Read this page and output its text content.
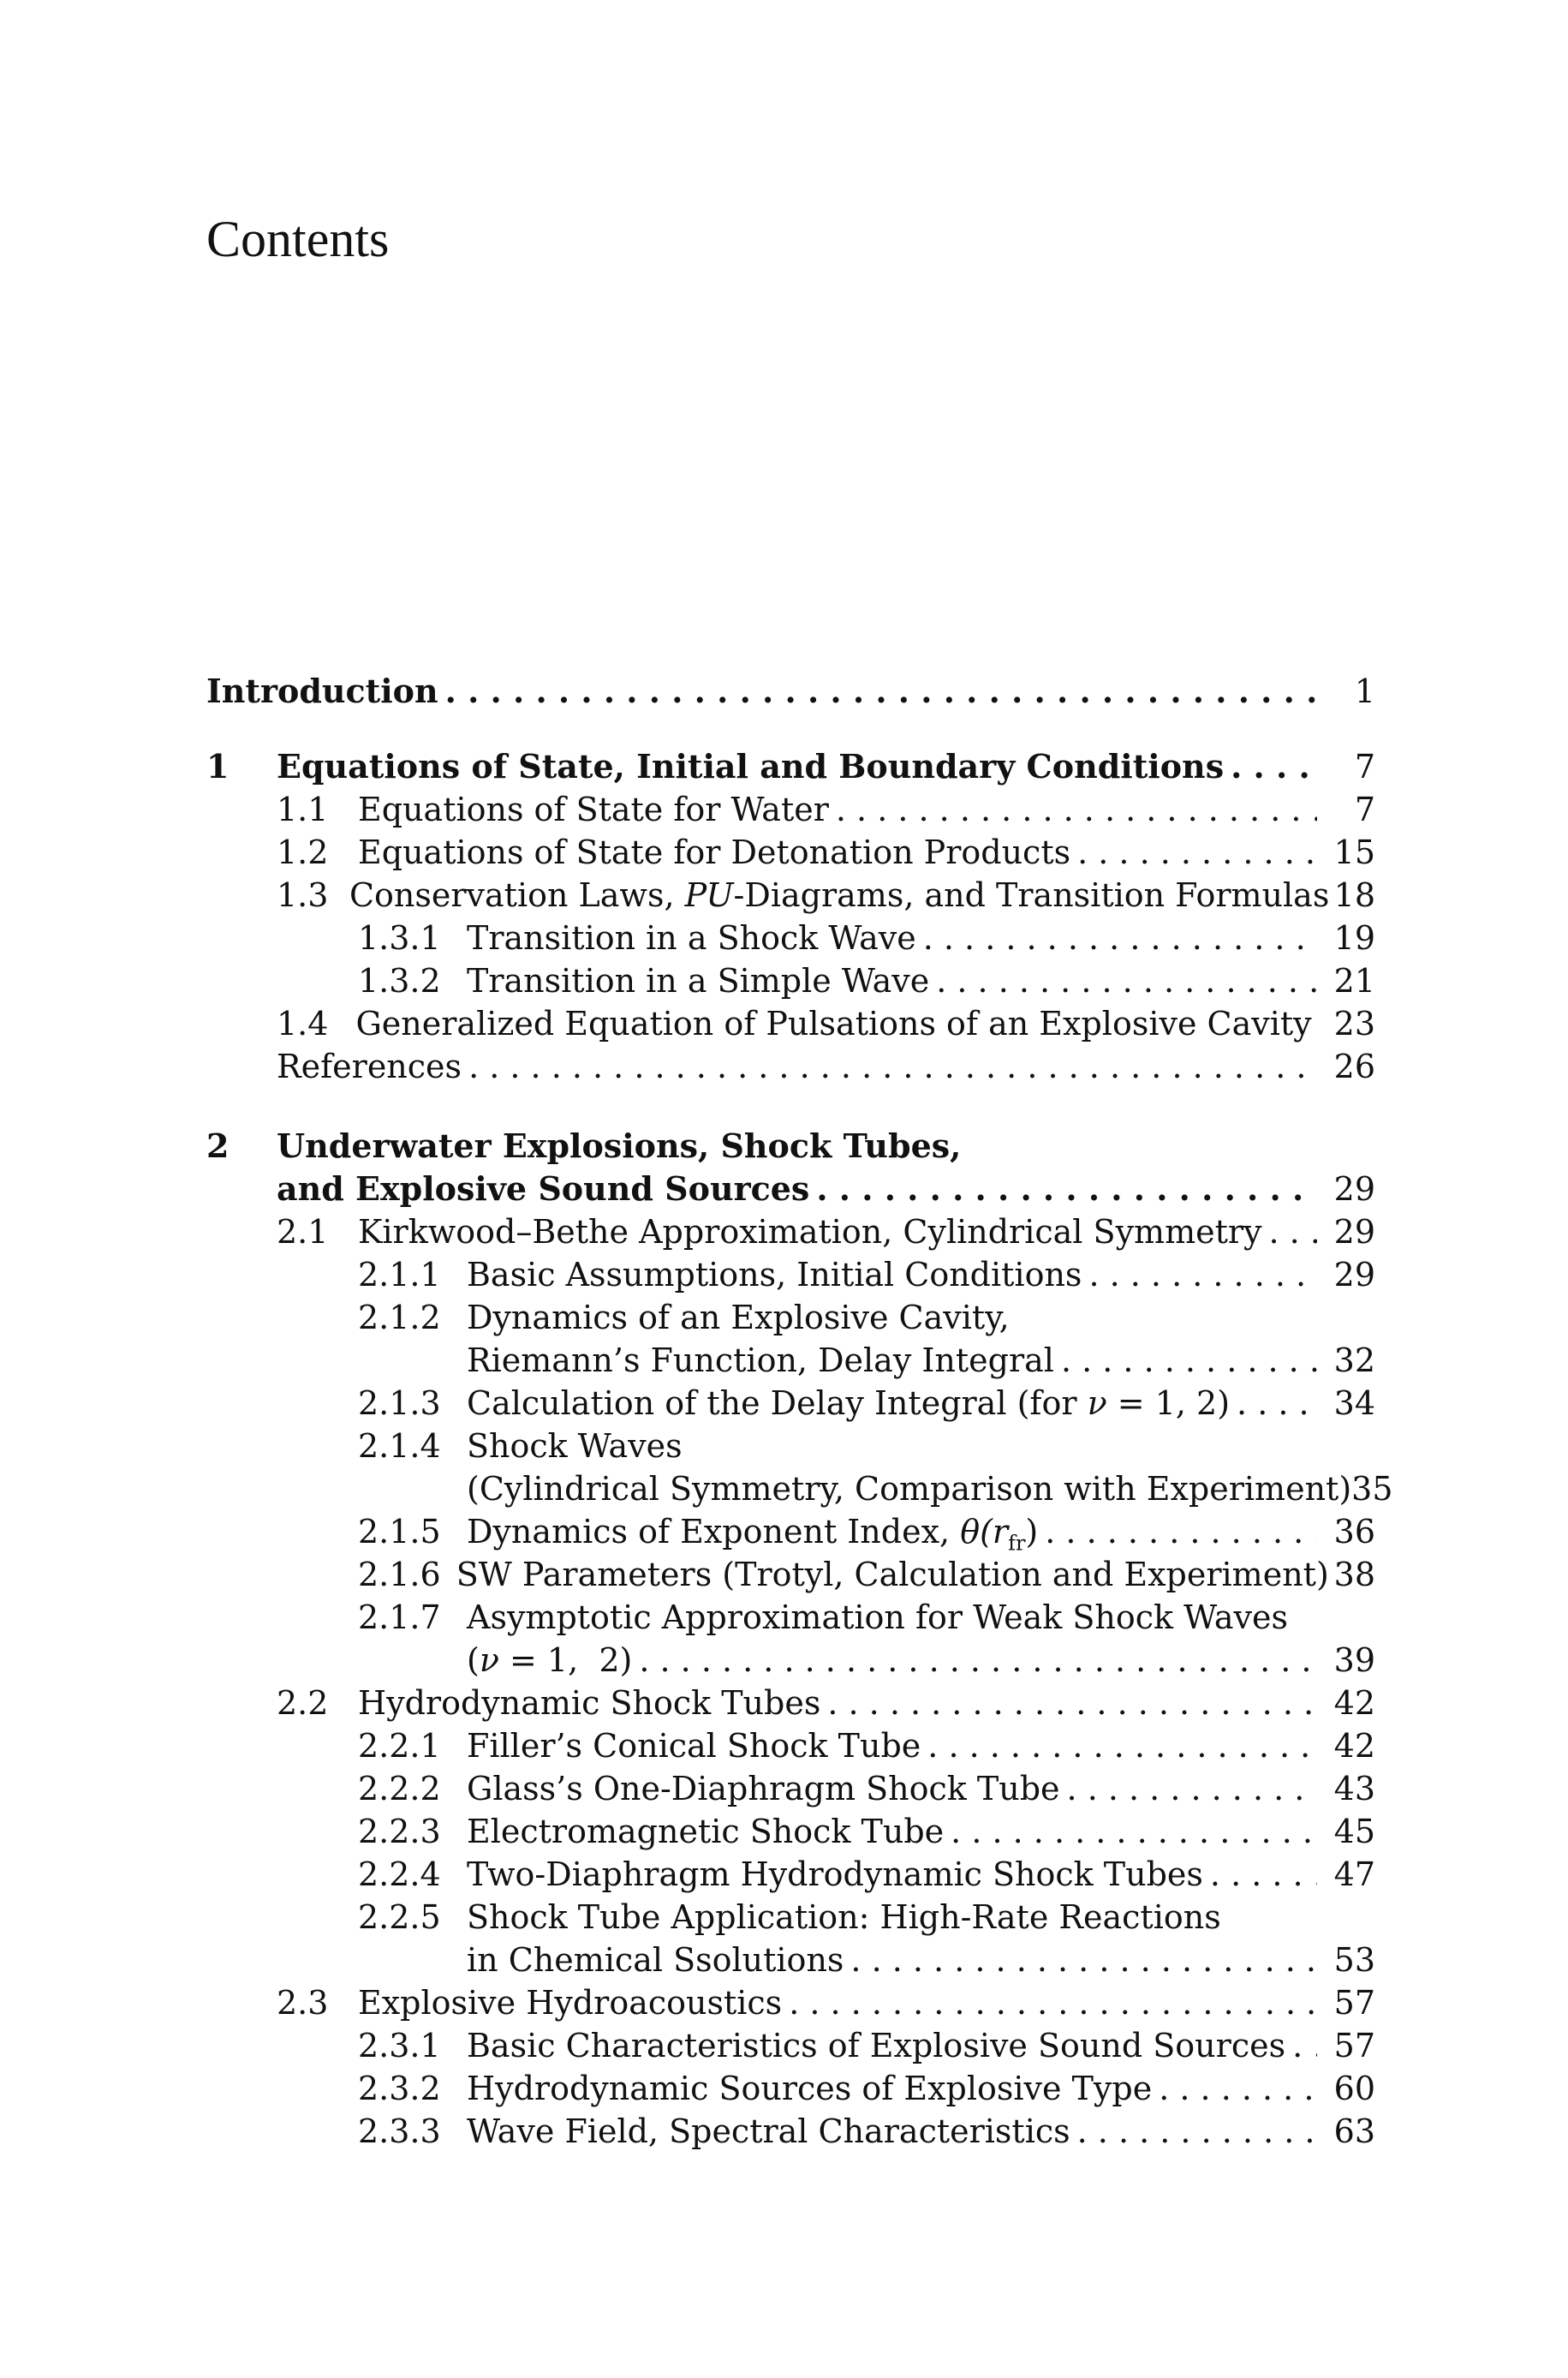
Contents
Introduction . . .	1
1	Equations of State, Initial and Boundary Conditions . . .	7
1.1 Equations of State for Water . . .	7
1.2 Equations of State for Detonation Products . . .	15
1.3 Conservation Laws, PU-Diagrams, and Transition Formulas 18
1.3.1 Transition in a Shock Wave . . .	19
1.3.2 Transition in a Simple Wave . . .	21
1.4 Generalized Equation of Pulsations of an Explosive Cavity 23
References . . .	26
2	Underwater Explosions, Shock Tubes,
and Explosive Sound Sources . . .	29
2.1 Kirkwood–Bethe Approximation, Cylindrical Symmetry . . .	29
2.1.1 Basic Assumptions, Initial Conditions . . .	29
2.1.2 Dynamics of an Explosive Cavity,
Riemann’s Function, Delay Integral . . .	32
2.1.3 Calculation of the Delay Integral (for ν = 1, 2) . . .	34
2.1.4 Shock Waves
(Cylindrical Symmetry, Comparison with Experiment) 35
2.1.5 Dynamics of Exponent Index, $\theta(r_{fr})$ . . .	36
2.1.6 SW Parameters (Trotyl, Calculation and Experiment) 38
2.1.7 Asymptotic Approximation for Weak Shock Waves
(ν = 1,  2) . . .	39
2.2 Hydrodynamic Shock Tubes . . .	42
2.2.1 Filler’s Conical Shock Tube . . .	42
2.2.2 Glass’s One-Diaphragm Shock Tube . . .	43
2.2.3 Electromagnetic Shock Tube . . .	45
2.2.4 Two-Diaphragm Hydrodynamic Shock Tubes . . .	47
2.2.5 Shock Tube Application: High-Rate Reactions
in Chemical Ssolutions . . .	53
2.3 Explosive Hydroacoustics . . .	57
2.3.1 Basic Characteristics of Explosive Sound Sources . . .	57
2.3.2 Hydrodynamic Sources of Explosive Type . . .	60
2.3.3 Wave Field, Spectral Characteristics . . .	63
